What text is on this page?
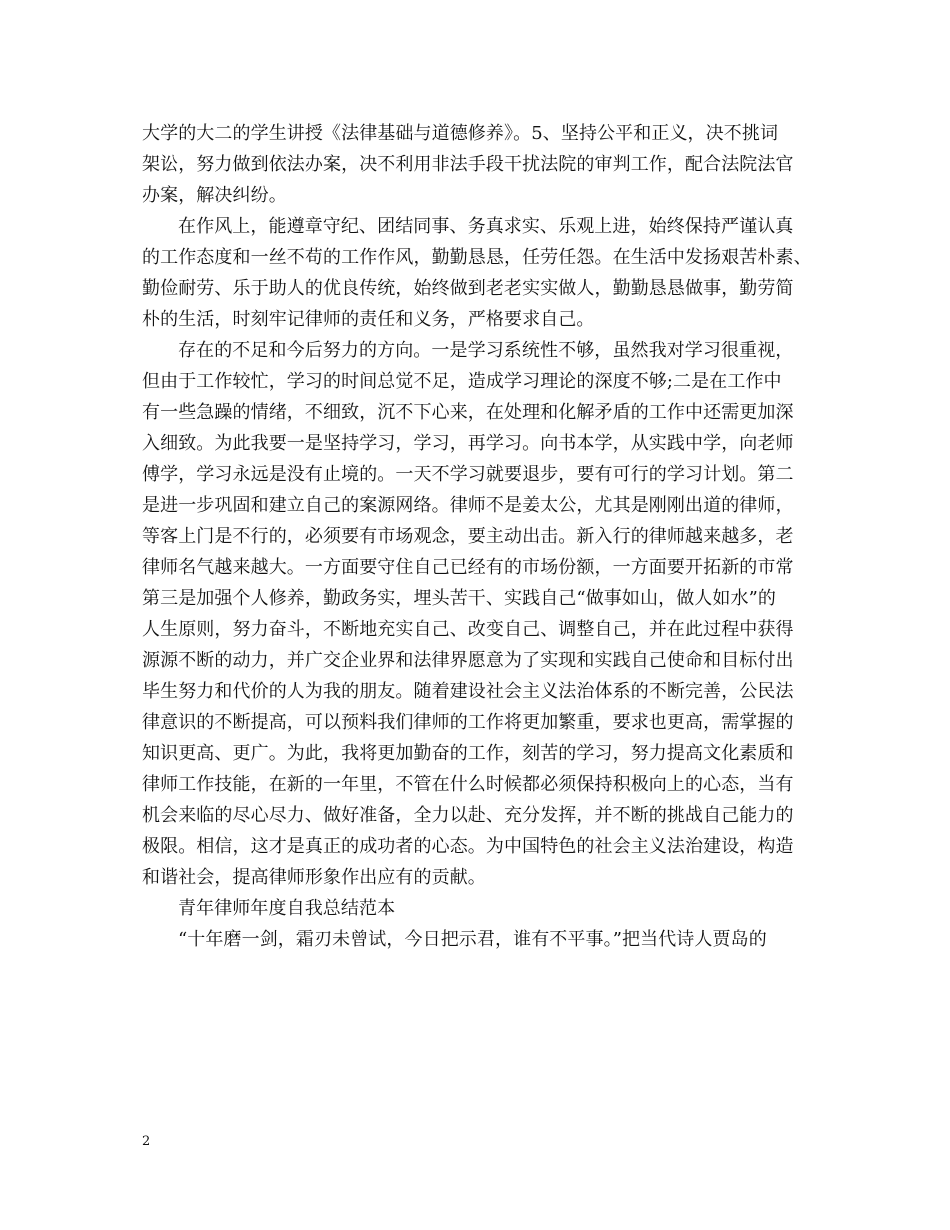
大学的大二的学生讲授《法律基础与道德修养》。5、坚持公平和正义，决不挑词
架讼，努力做到依法办案，决不利用非法手段干扰法院的审判工作，配合法院法官
办案，解决纠纷。
在作风上，能遵章守纪、团结同事、务真求实、乐观上进，始终保持严谨认真
的工作态度和一丝不苟的工作作风，勤勤恳恳，任劳任怨。在生活中发扬艰苦朴素、
勤俭耐劳、乐于助人的优良传统，始终做到老老实实做人，勤勤恳恳做事，勤劳简
朴的生活，时刻牢记律师的责任和义务，严格要求自己。
存在的不足和今后努力的方向。一是学习系统性不够，虽然我对学习很重视，
但由于工作较忙，学习的时间总觉不足，造成学习理论的深度不够;二是在工作中
有一些急躁的情绪，不细致，沉不下心来，在处理和化解矛盾的工作中还需更加深
入细致。为此我要一是坚持学习，学习，再学习。向书本学，从实践中学，向老师
傅学，学习永远是没有止境的。一天不学习就要退步，要有可行的学习计划。第二
是进一步巩固和建立自己的案源网络。律师不是姜太公，尤其是刚刚出道的律师，
等客上门是不行的，必须要有市场观念，要主动出击。新入行的律师越来越多，老
律师名气越来越大。一方面要守住自己已经有的市场份额，一方面要开拓新的市常
第三是加强个人修养，勤政务实，埋头苦干、实践自己“做事如山，做人如水”的
人生原则，努力奋斗，不断地充实自己、改变自己、调整自己，并在此过程中获得
源源不断的动力，并广交企业界和法律界愿意为了实现和实践自己使命和目标付出
毕生努力和代价的人为我的朋友。随着建设社会主义法治体系的不断完善，公民法
律意识的不断提高，可以预料我们律师的工作将更加繁重，要求也更高，需掌握的
知识更高、更广。为此，我将更加勤奋的工作，刻苦的学习，努力提高文化素质和
律师工作技能，在新的一年里，不管在什么时候都必须保持积极向上的心态，当有
机会来临的尽心尽力、做好准备，全力以赴、充分发挥，并不断的挑战自己能力的
极限。相信，这才是真正的成功者的心态。为中国特色的社会主义法治建设，构造
和谐社会，提高律师形象作出应有的贡献。
青年律师年度自我总结范本
“十年磨一剑，霜刃未曾试，今日把示君，谁有不平事。”把当代诗人贾岛的
2
